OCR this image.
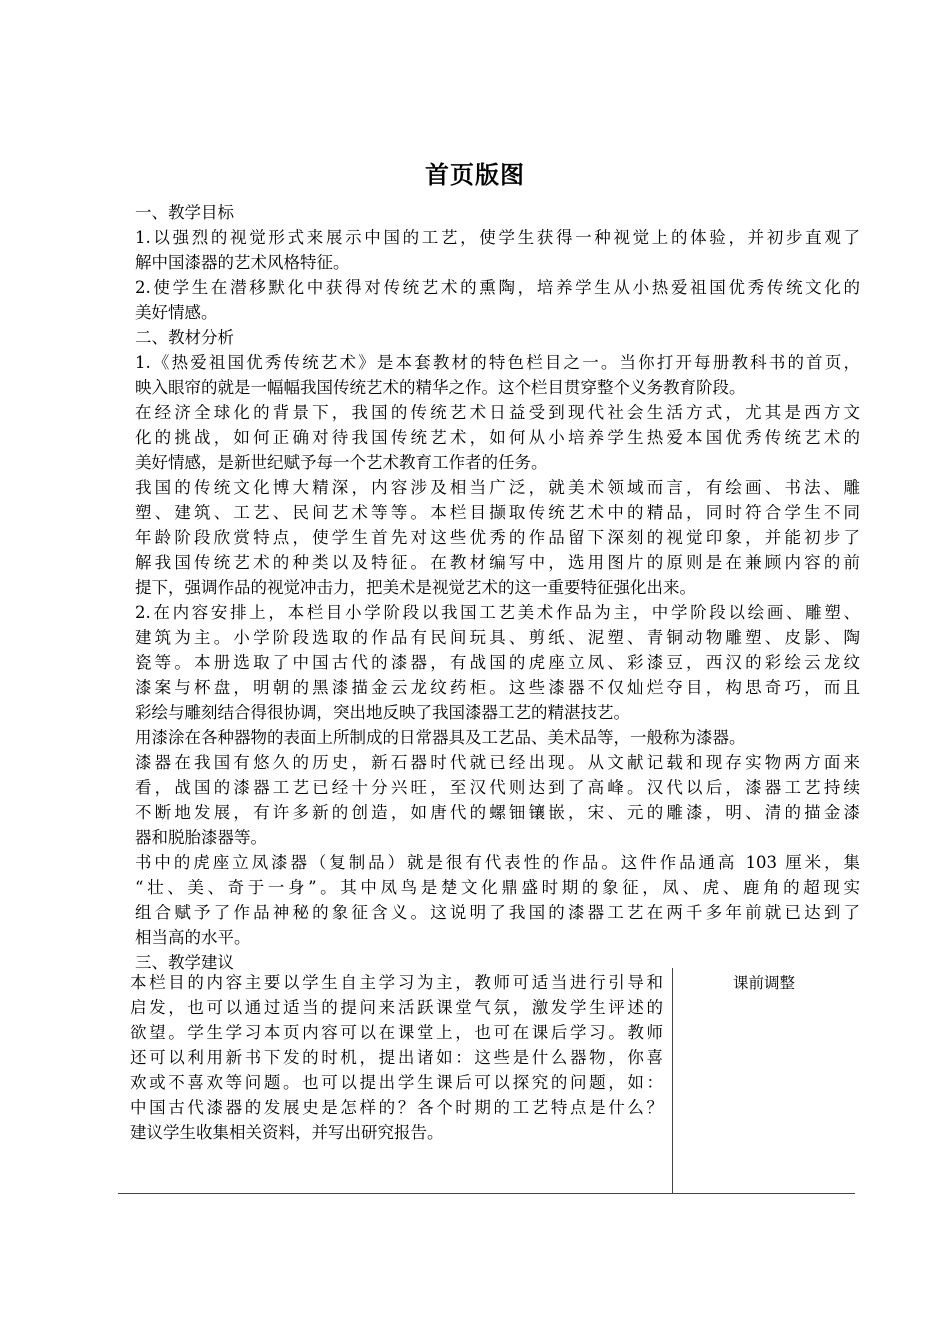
首页版图
一、教学目标
1.以强烈的视觉形式来展示中国的工艺，使学生获得一种视觉上的体验，并初步直观了
解中国漆器的艺术风格特征。
2.使学生在潜移默化中获得对传统艺术的熏陶，培养学生从小热爱祖国优秀传统文化的
美好情感。
二、教材分析
1.《热爱祖国优秀传统艺术》是本套教材的特色栏目之一。当你打开每册教科书的首页，
映入眼帘的就是一幅幅我国传统艺术的精华之作。这个栏目贯穿整个义务教育阶段。
在经济全球化的背景下，我国的传统艺术日益受到现代社会生活方式，尤其是西方文
化的挑战，如何正确对待我国传统艺术，如何从小培养学生热爱本国优秀传统艺术的
美好情感，是新世纪赋予每一个艺术教育工作者的任务。
我国的传统文化博大精深，内容涉及相当广泛，就美术领域而言，有绘画、书法、雕
塑、建筑、工艺、民间艺术等等。本栏目撷取传统艺术中的精品，同时符合学生不同
年龄阶段欣赏特点，使学生首先对这些优秀的作品留下深刻的视觉印象，并能初步了
解我国传统艺术的种类以及特征。在教材编写中，选用图片的原则是在兼顾内容的前
提下，强调作品的视觉冲击力，把美术是视觉艺术的这一重要特征强化出来。
2.在内容安排上，本栏目小学阶段以我国工艺美术作品为主，中学阶段以绘画、雕塑、
建筑为主。小学阶段选取的作品有民间玩具、剪纸、泥塑、青铜动物雕塑、皮影、陶
瓷等。本册选取了中国古代的漆器，有战国的虎座立凤、彩漆豆，西汉的彩绘云龙纹
漆案与杯盘，明朝的黑漆描金云龙纹药柜。这些漆器不仅灿烂夺目，构思奇巧，而且
彩绘与雕刻结合得很协调，突出地反映了我国漆器工艺的精湛技艺。
用漆涂在各种器物的表面上所制成的日常器具及工艺品、美术品等，一般称为漆器。
漆器在我国有悠久的历史，新石器时代就已经出现。从文献记载和现存实物两方面来
看，战国的漆器工艺已经十分兴旺，至汉代则达到了高峰。汉代以后，漆器工艺持续
不断地发展，有许多新的创造，如唐代的螺钿镶嵌，宋、元的雕漆，明、清的描金漆
器和脱胎漆器等。
书中的虎座立凤漆器（复制品）就是很有代表性的作品。这件作品通高 103 厘米，集
“壮、美、奇于一身”。其中凤鸟是楚文化鼎盛时期的象征，凤、虎、鹿角的超现实
组合赋予了作品神秘的象征含义。这说明了我国的漆器工艺在两千多年前就已达到了
相当高的水平。
三、教学建议
本栏目的内容主要以学生自主学习为主，教师可适当进行引导和
启发，也可以通过适当的提问来活跃课堂气氛，激发学生评述的
欲望。学生学习本页内容可以在课堂上，也可在课后学习。教师
还可以利用新书下发的时机，提出诸如：这些是什么器物，你喜
欢或不喜欢等问题。也可以提出学生课后可以探究的问题，如：
中国古代漆器的发展史是怎样的？各个时期的工艺特点是什么？
建议学生收集相关资料，并写出研究报告。
课前调整
